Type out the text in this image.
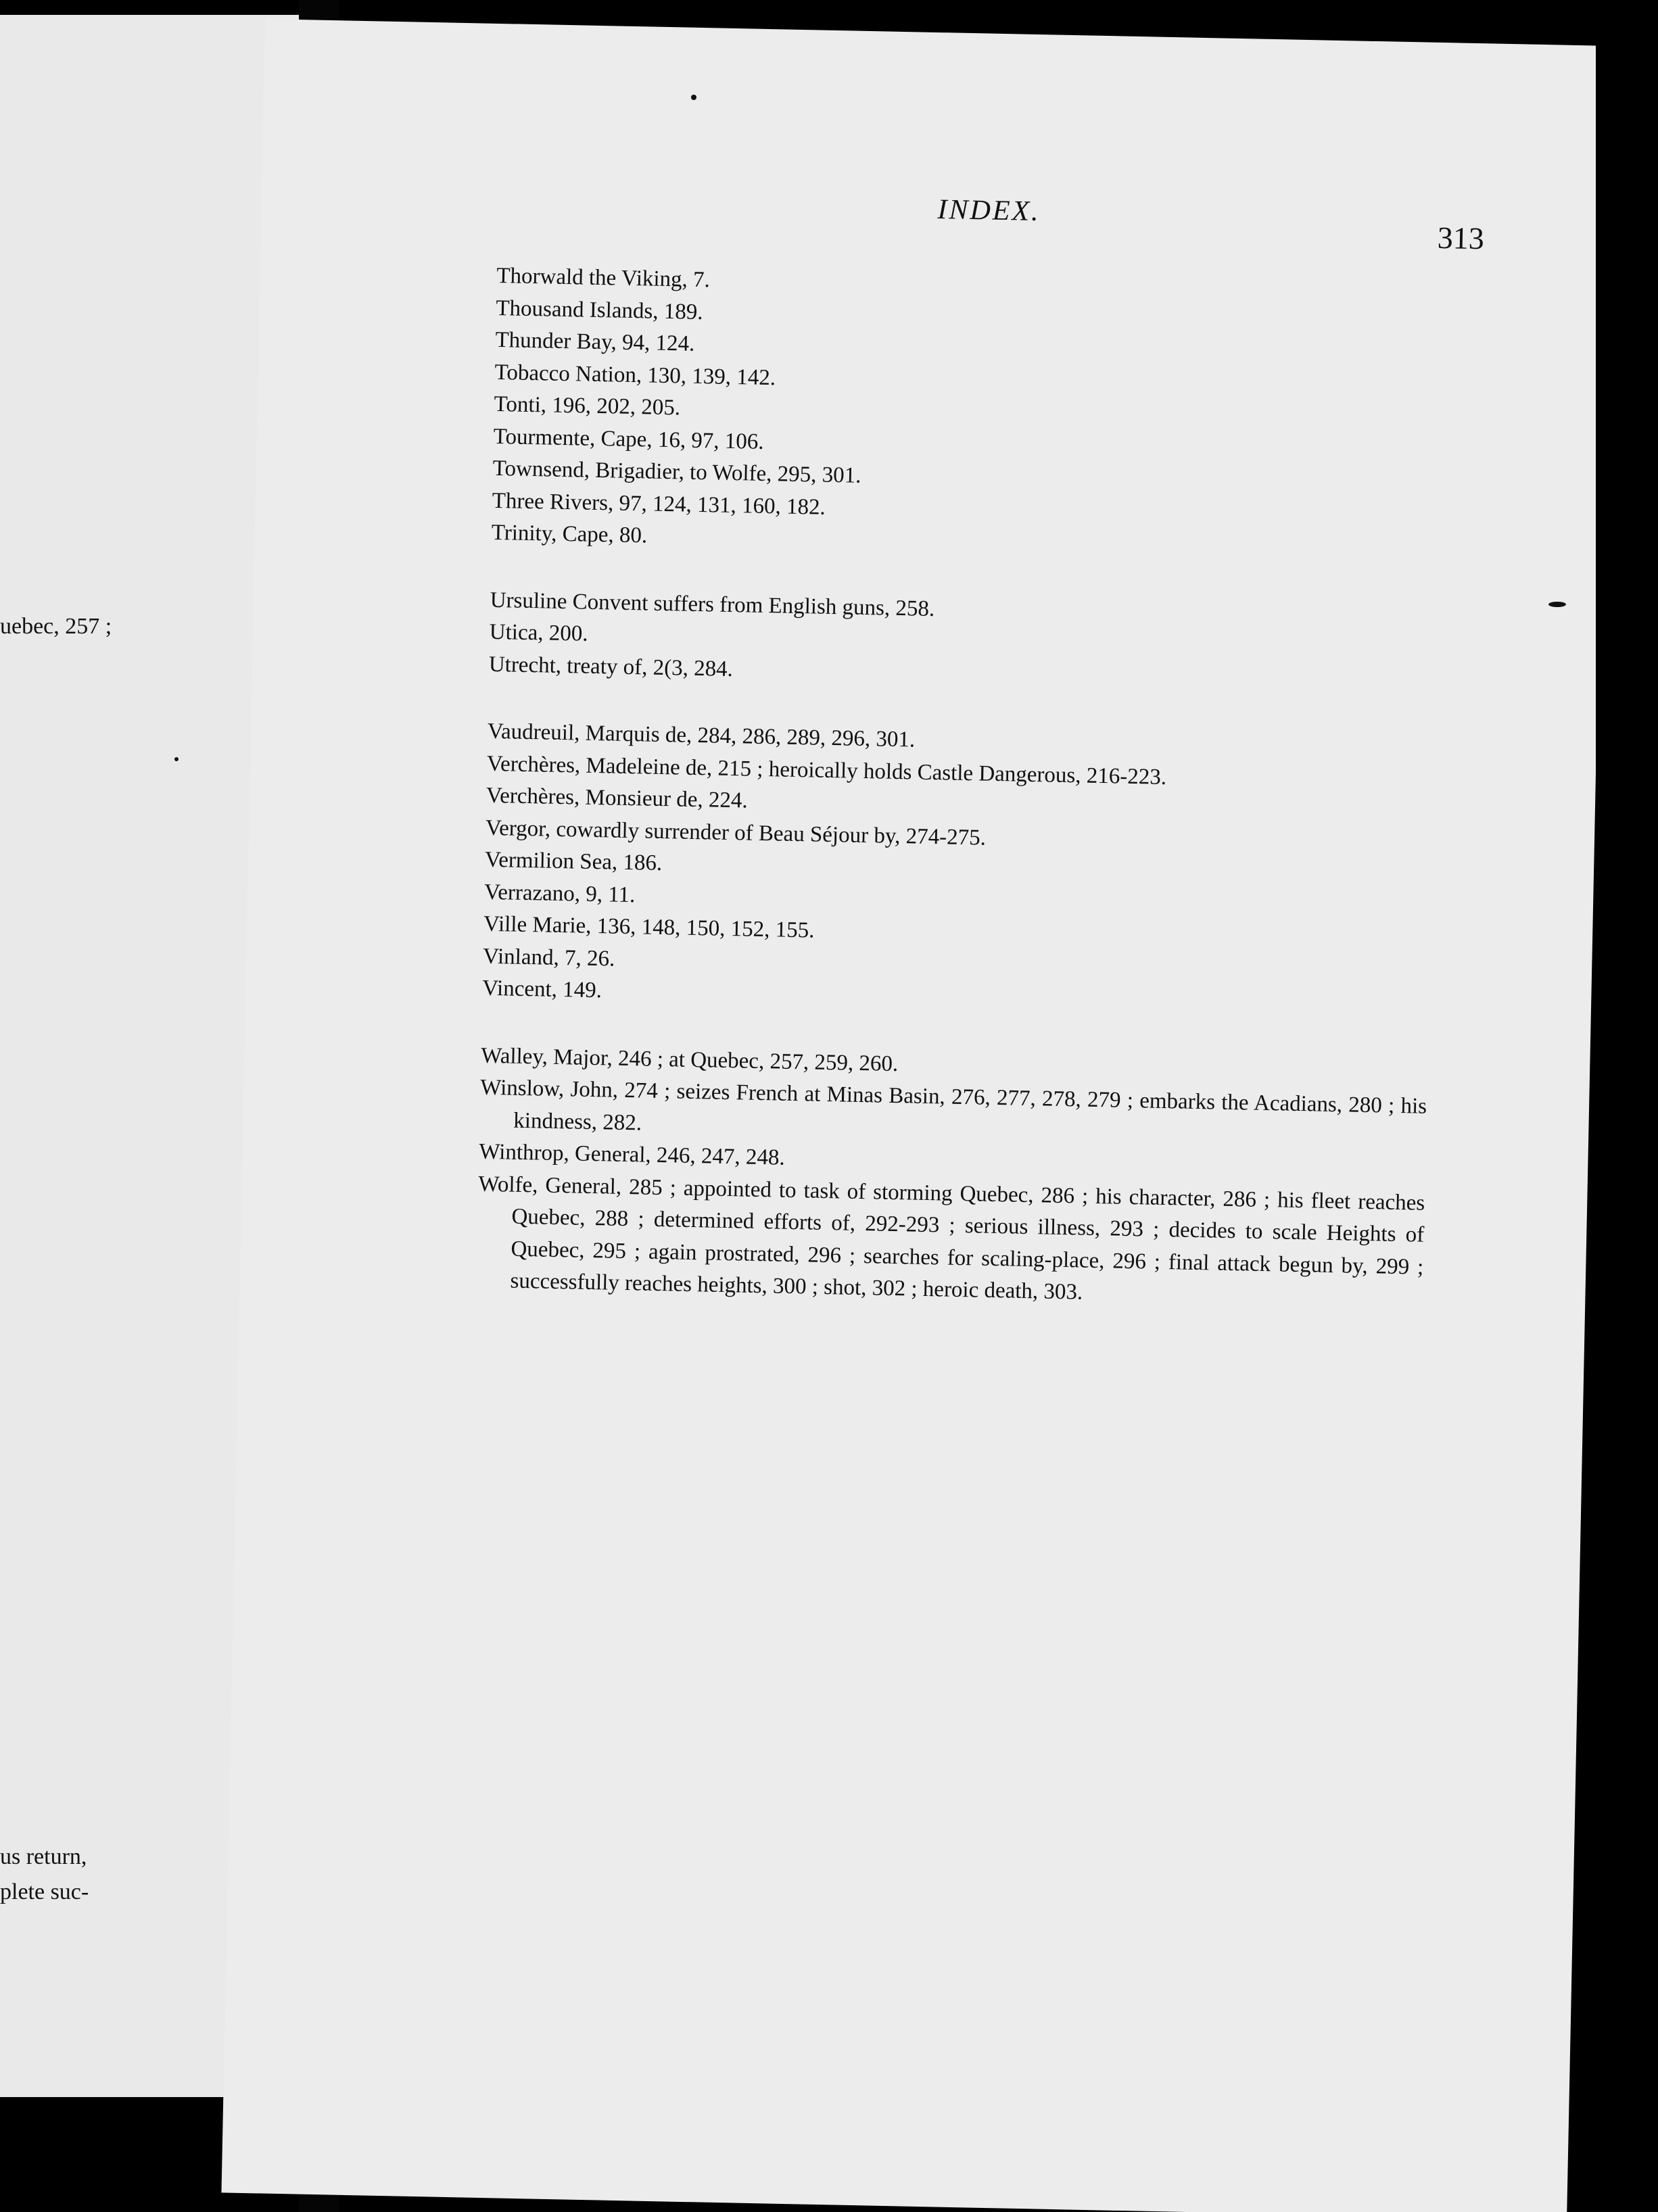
uebec, 257 ;
us return,
plete suc-
INDEX.
313

Thorwald the Viking, 7.

Thousand Islands, 189.

Thunder Bay, 94, 124.

Tobacco Nation, 130, 139, 142.

Tonti, 196, 202, 205.

Tourmente, Cape, 16, 97, 106.

Townsend, Brigadier, to Wolfe, 295, 301.

Three Rivers, 97, 124, 131, 160, 182.

Trinity, Cape, 80.

Ursuline Convent suffers from English guns, 258.

Utica, 200.

Utrecht, treaty of, 2(3, 284.

Vaudreuil, Marquis de, 284, 286, 289, 296, 301.

Verchères, Madeleine de, 215 ; heroically holds Castle Dangerous, 216-223.

Verchères, Monsieur de, 224.

Vergor, cowardly surrender of Beau Séjour by, 274-275.

Vermilion Sea, 186.

Verrazano, 9, 11.

Ville Marie, 136, 148, 150, 152, 155.

Vinland, 7, 26.

Vincent, 149.

Walley, Major, 246 ; at Quebec, 257, 259, 260.

Winslow, John, 274 ; seizes French at Minas Basin, 276, 277, 278, 279 ; embarks the Acadians, 280 ; his kindness, 282.

Winthrop, General, 246, 247, 248.

Wolfe, General, 285 ; appointed to task of storming Quebec, 286 ; his character, 286 ; his fleet reaches Quebec, 288 ; determined efforts of, 292-293 ; serious illness, 293 ; decides to scale Heights of Quebec, 295 ; again prostrated, 296 ; searches for scaling-place, 296 ; final attack begun by, 299 ; successfully reaches heights, 300 ; shot, 302 ; heroic death, 303.
